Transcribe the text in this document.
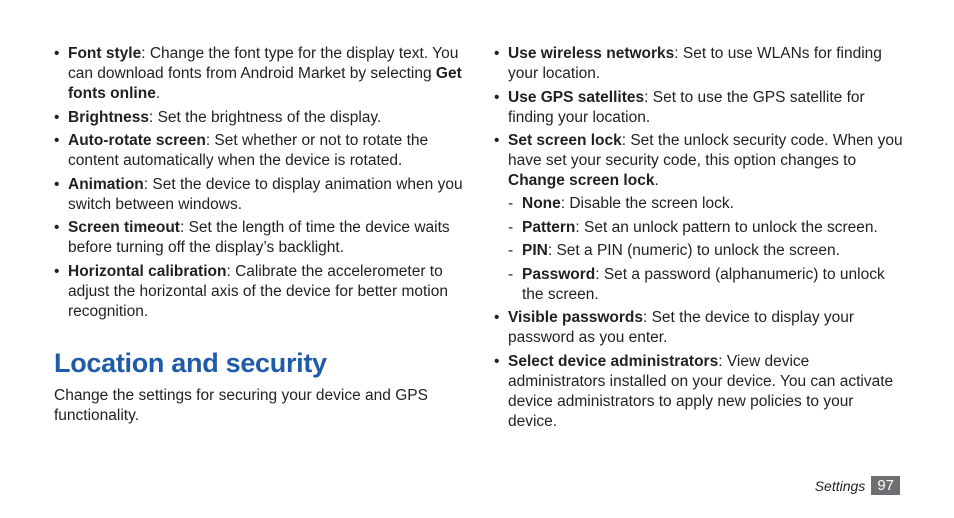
• Font style: Change the font type for the display text. You can download fonts from Android Market by selecting Get fonts online.
• Brightness: Set the brightness of the display.
• Auto-rotate screen: Set whether or not to rotate the content automatically when the device is rotated.
• Animation: Set the device to display animation when you switch between windows.
• Screen timeout: Set the length of time the device waits before turning off the display’s backlight.
• Horizontal calibration: Calibrate the accelerometer to adjust the horizontal axis of the device for better motion recognition.
Location and security

Change the settings for securing your device and GPS functionality.

• Use wireless networks: Set to use WLANs for finding your location.
• Use GPS satellites: Set to use the GPS satellite for finding your location.
• Set screen lock: Set the unlock security code. When you have set your security code, this option changes to Change screen lock.
- None: Disable the screen lock.
- Pattern: Set an unlock pattern to unlock the screen.
- PIN: Set a PIN (numeric) to unlock the screen.
- Password: Set a password (alphanumeric) to unlock the screen.
• Visible passwords: Set the device to display your password as you enter.
• Select device administrators: View device administrators installed on your device. You can activate device administrators to apply new policies to your device.
Settings 97
